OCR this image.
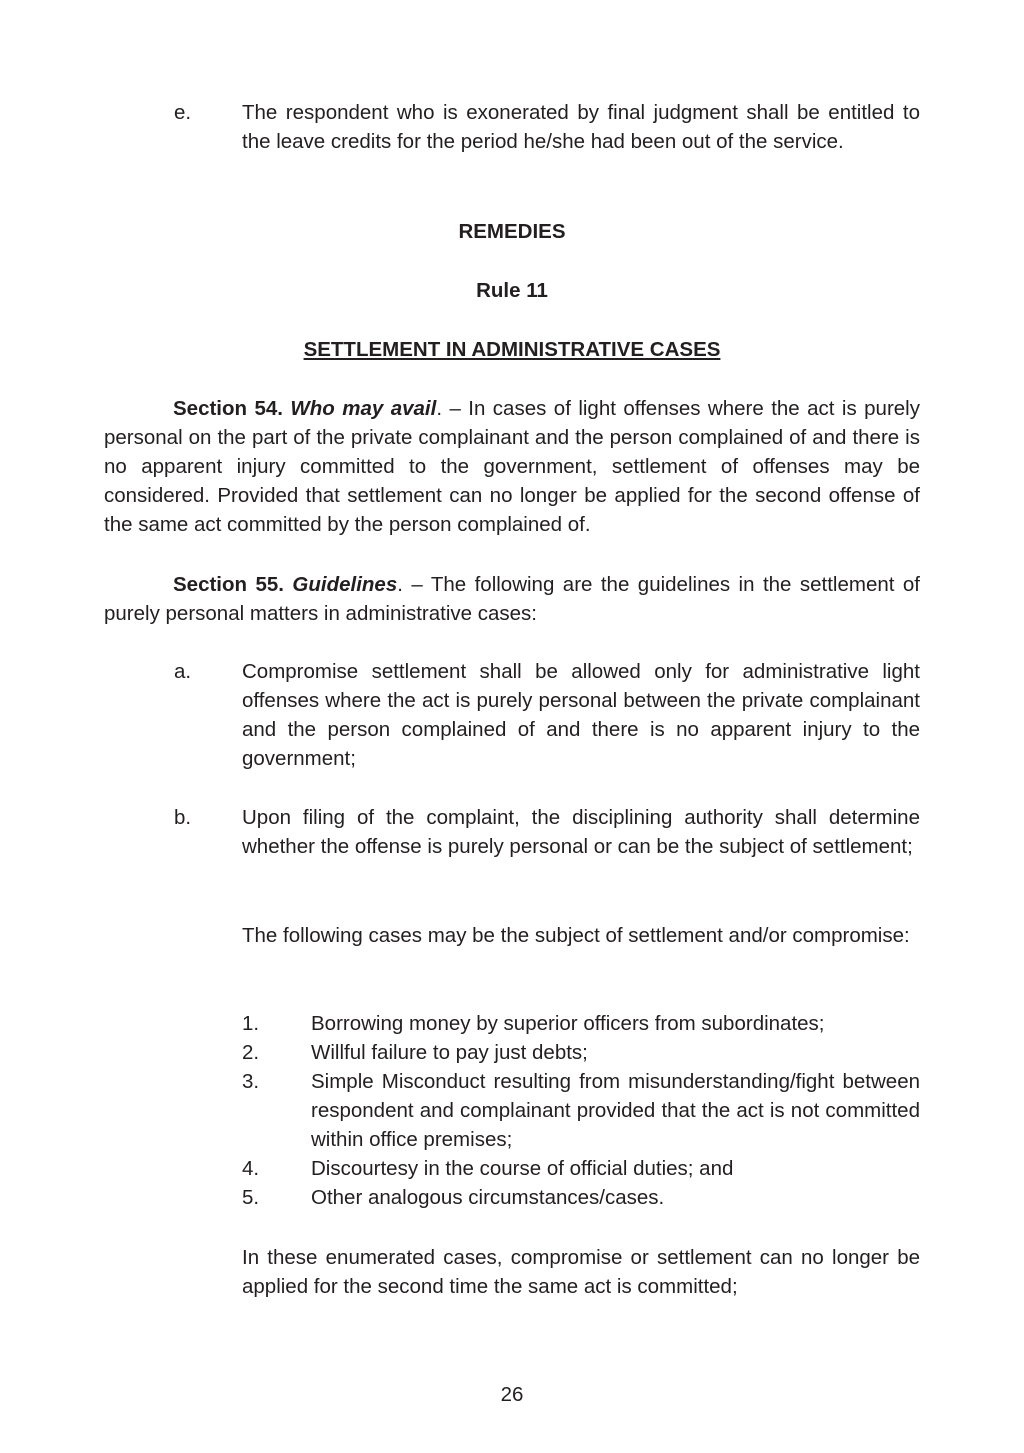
e. The respondent who is exonerated by final judgment shall be entitled to the leave credits for the period he/she had been out of the service.
REMEDIES
Rule 11
SETTLEMENT IN ADMINISTRATIVE CASES
Section 54. Who may avail. – In cases of light offenses where the act is purely personal on the part of the private complainant and the person complained of and there is no apparent injury committed to the government, settlement of offenses may be considered. Provided that settlement can no longer be applied for the second offense of the same act committed by the person complained of.
Section 55. Guidelines. – The following are the guidelines in the settlement of purely personal matters in administrative cases:
a. Compromise settlement shall be allowed only for administrative light offenses where the act is purely personal between the private complainant and the person complained of and there is no apparent injury to the government;
b. Upon filing of the complaint, the disciplining authority shall determine whether the offense is purely personal or can be the subject of settlement;
The following cases may be the subject of settlement and/or compromise:
1.	Borrowing money by superior officers from subordinates;
2.	Willful failure to pay just debts;
3.	Simple Misconduct resulting from misunderstanding/fight between respondent and complainant provided that the act is not committed within office premises;
4.	Discourtesy in the course of official duties; and
5.	Other analogous circumstances/cases.
In these enumerated cases, compromise or settlement can no longer be applied for the second time the same act is committed;
26
